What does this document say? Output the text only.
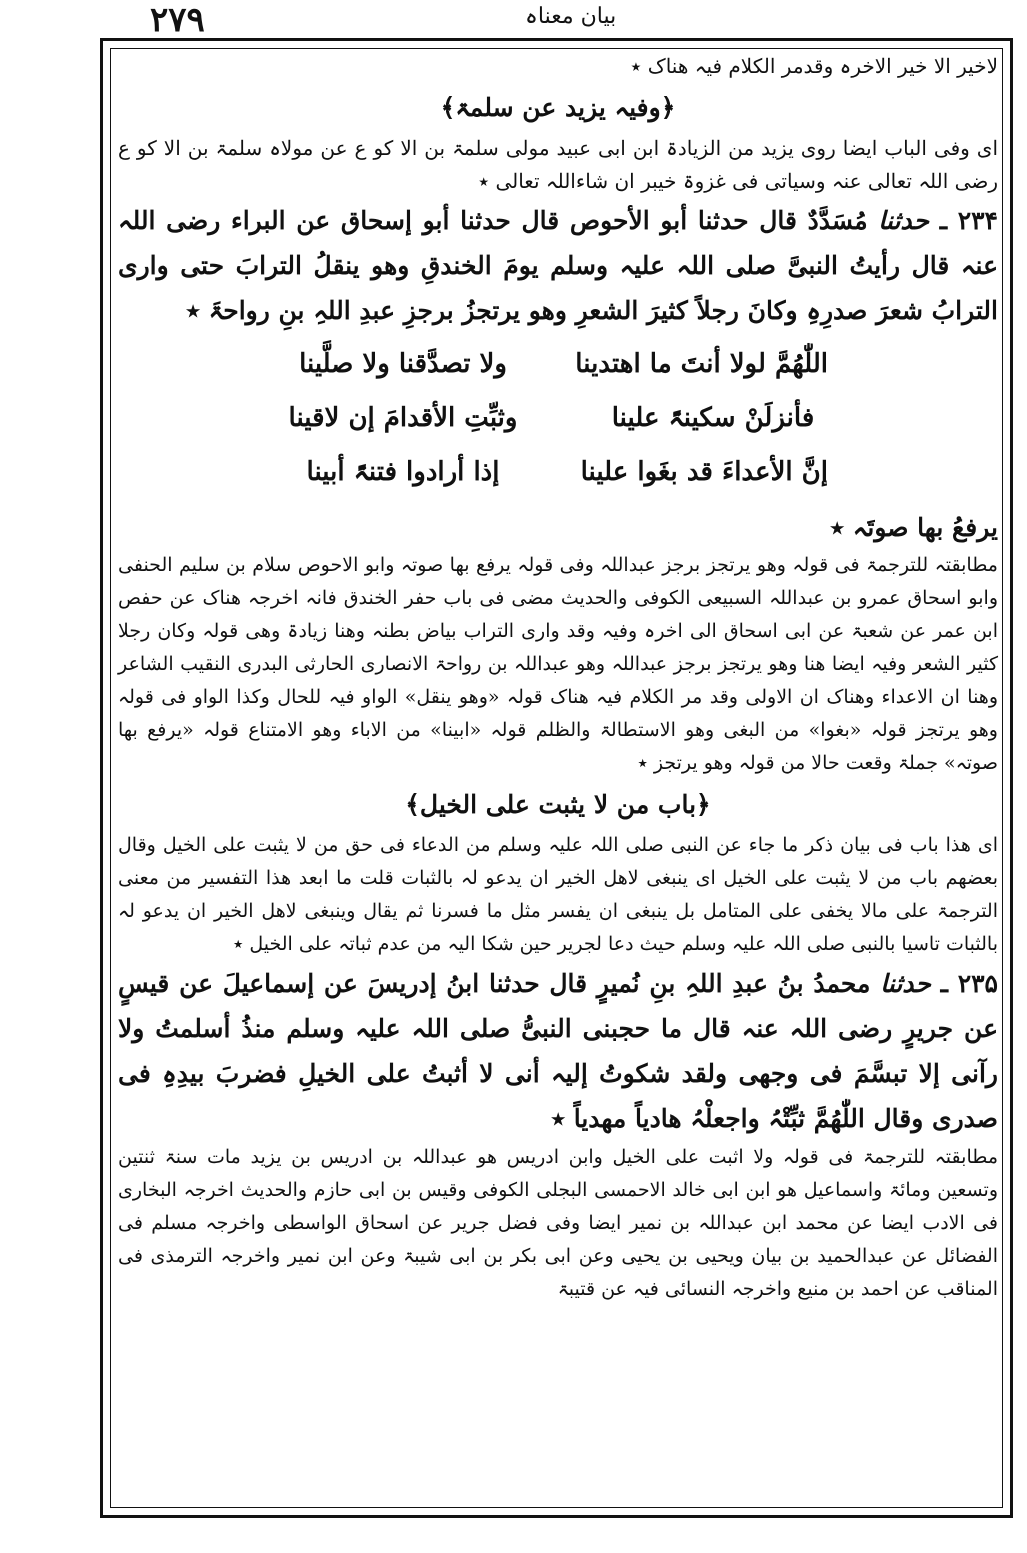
٢٧٩	بیان معناہ

لاخیر الا خیر الاخرہ وقدمر الکلام فیہ ھناک ٭

﴿وفیہ یزید عن سلمۃ﴾

ای وفی الباب ایضا روی یزید من الزیادۃ ابن ابی عبید مولی سلمۃ بن الا کو ع عن مولاہ سلمۃ بن الا کو ع رضی اللہ تعالی عنہ وسیاتی فی غزوۃ خیبر ان شاءاللہ تعالی ٭

۲۳۴ ـ حدثنا مُسَدَّدٌ قال حدثنا أبو الأحوص قال حدثنا أبو إسحاق عن البراء رضی اللہ عنہ قال رأیتُ النبیَّ صلی اللہ علیہ وسلم یومَ الخندقِ وھو ینقلُ الترابَ حتی واری الترابُ شعرَ صدرِہِ وکانَ رجلاً کثیرَ الشعرِ وھو یرتجزُ برجزِ عبدِ اللہِ بنِ رواحۃَ ٭

اللّٰھُمَّ لولا أنتَ ما اھتدینا
ولا تصدَّقنا ولا صلَّینا
فأنزلَنْ سکینۃً علینا
وثبِّتِ الأقدامَ إن لاقینا
إنَّ الأعداءَ قد بغَوا علینا
إذا أرادوا فتنۃً أبینا
یرفعُ بھا صوتَہ ٭

مطابقتہ للترجمۃ فی قولہ وھو یرتجز برجز عبداللہ وفی قولہ یرفع بھا صوتہ وابو الاحوص سلام بن سلیم الحنفی وابو اسحاق عمرو بن عبداللہ السبیعی الکوفی والحدیث مضی فی باب حفر الخندق فانہ اخرجہ ھناک عن حفص ابن عمر عن شعبۃ عن ابی اسحاق الی اخرہ وفیہ وقد واری التراب بیاض بطنہ وھنا زیادۃ وھی قولہ وکان رجلا کثیر الشعر وفیہ ایضا ھنا وھو یرتجز برجز عبداللہ وھو عبداللہ بن رواحۃ الانصاری الحارثی البدری النقیب الشاعر وھنا ان الاعداء وھناک ان الاولی وقد مر الکلام فیہ ھناک قولہ «وھو ینقل» الواو فیہ للحال وکذا الواو فی قولہ وھو یرتجز قولہ «بغوا» من البغی وھو الاستطالۃ والظلم قولہ «ابینا» من الاباء وھو الامتناع قولہ «یرفع بھا صوتہ» جملۃ وقعت حالا من قولہ وھو یرتجز ٭

﴿باب من لا یثبت علی الخیل﴾

ای ھذا باب فی بیان ذکر ما جاء عن النبی صلی اللہ علیہ وسلم من الدعاء فی حق من لا یثبت علی الخیل وقال بعضھم باب من لا یثبت علی الخیل ای ینبغی لاھل الخیر ان یدعو لہ بالثبات قلت ما ابعد ھذا التفسیر من معنی الترجمۃ علی مالا یخفی علی المتامل بل ینبغی ان یفسر مثل ما فسرنا ثم یقال وینبغی لاھل الخیر ان یدعو لہ بالثبات تاسیا بالنبی صلی اللہ علیہ وسلم حیث دعا لجریر حین شکا الیہ من عدم ثباتہ علی الخیل ٭

۲۳۵ ـ حدثنا محمدُ بنُ عبدِ اللہِ بنِ نُمیرٍ قال حدثنا ابنُ إدریسَ عن إسماعیلَ عن قیسٍ عن جریرٍ رضی اللہ عنہ قال ما حجبنی النبیُّ صلی اللہ علیہ وسلم منذُ أسلمتُ ولا رآنی إلا تبسَّمَ فی وجھی ولقد شکوتُ إلیہ أنی لا أثبتُ علی الخیلِ فضربَ بیدِہِ فی صدری وقال اللّٰھُمَّ ثبِّتْہُ واجعلْہُ ھادیاً مھدیاً ٭

مطابقتہ للترجمۃ فی قولہ ولا اثبت علی الخیل وابن ادریس ھو عبداللہ بن ادریس بن یزید مات سنۃ ثنتین وتسعین ومائۃ واسماعیل ھو ابن ابی خالد الاحمسی البجلی الکوفی وقیس بن ابی حازم والحدیث اخرجہ البخاری فی الادب ایضا عن محمد ابن عبداللہ بن نمیر ایضا وفی فضل جریر عن اسحاق الواسطی واخرجہ مسلم فی الفضائل عن عبدالحمید بن بیان ویحیی بن یحیی وعن ابی بکر بن ابی شیبۃ وعن ابن نمیر واخرجہ الترمذی فی المناقب عن احمد بن منیع واخرجہ النسائی فیہ عن قتیبۃ
